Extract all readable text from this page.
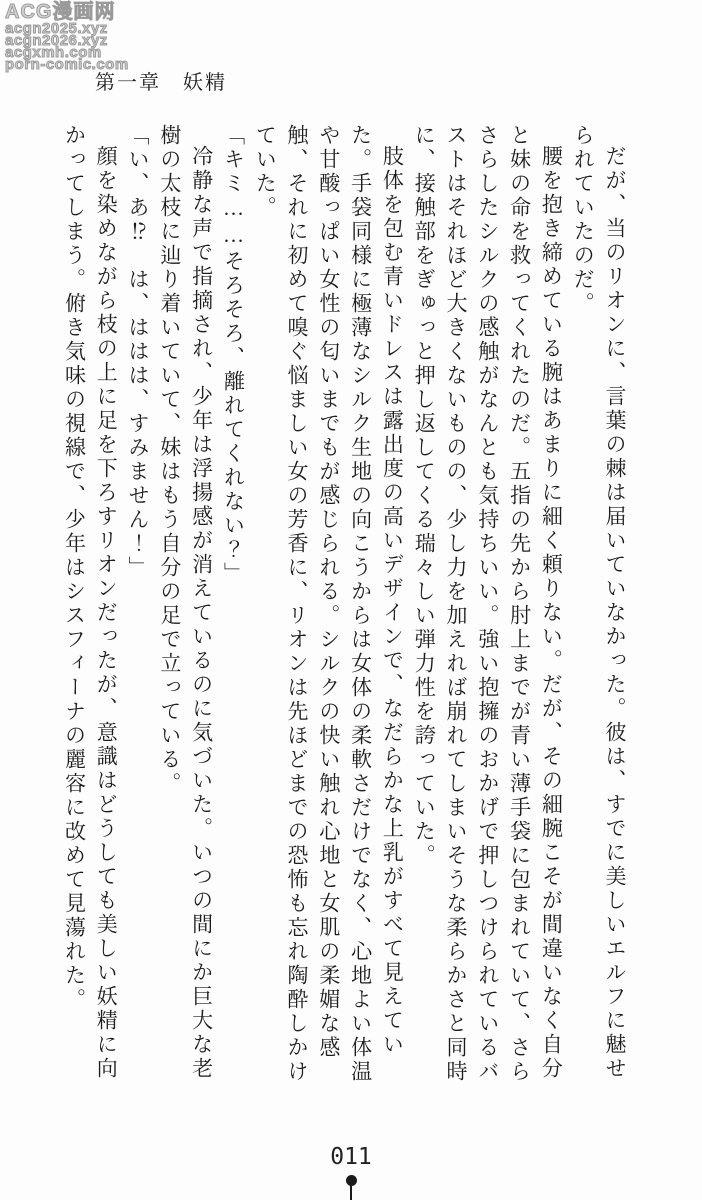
ACG漫画网
acgn2025.xyz
acgn2026.xyz
acgxmh.com
porn-comic.com
第一章　妖精

だが、当のリオンに、言葉の棘は届いていなかった。彼は、すでに美しいエルフに魅せられていたのだ。

腰を抱き締めている腕はあまりに細く頼りない。だが、その細腕こそが間違いなく自分と妹の命を救ってくれたのだ。五指の先から肘上までが青い薄手袋に包まれていて、さらさらしたシルクの感触がなんとも気持ちいい。強い抱擁のおかげで押しつけられているバストはそれほど大きくないものの、少し力を加えれば崩れてしまいそうな柔らかさと同時に、接触部をぎゅっと押し返してくる瑞々しい弾力性を誇っていた。

肢体を包む青いドレスは露出度の高いデザインで、なだらかな上乳がすべて見えていた。手袋同様に極薄なシルク生地の向こうからは女体の柔軟さだけでなく、心地よい体温や甘酸っぱい女性の匂いまでもが感じられる。シルクの快い触れ心地と女肌の柔媚な感触、それに初めて嗅ぐ悩ましい女の芳香に、リオンは先ほどまでの恐怖も忘れ陶酔しかけていた。

「キミ……そろそろ、離れてくれない？」

冷静な声で指摘され、少年は浮揚感が消えているのに気づいた。いつの間にか巨大な老樹の太枝に辿り着いていて、妹はもう自分の足で立っている。

「い、あ⁉　は、ははは、すみません！」

顔を染めながら枝の上に足を下ろすリオンだったが、意識はどうしても美しい妖精に向かってしまう。俯き気味の視線で、少年はシスフィーナの麗容に改めて見蕩れた。

011
